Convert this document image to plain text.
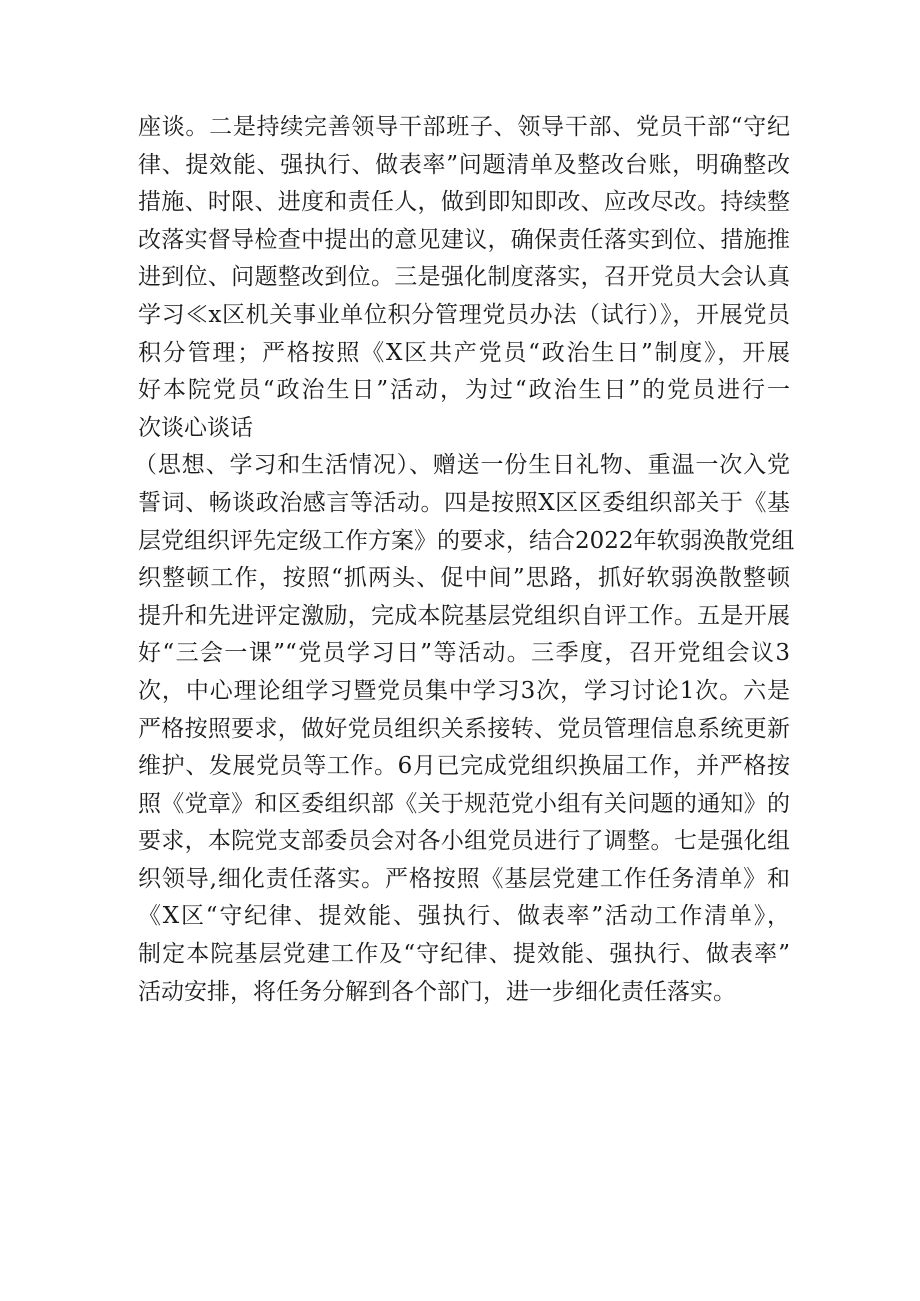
座谈。二是持续完善领导干部班子、领导干部、党员干部“守纪
律、提效能、强执行、做表率”问题清单及整改台账，明确整改
措施、时限、进度和责任人，做到即知即改、应改尽改。持续整
改落实督导检查中提出的意见建议，确保责任落实到位、措施推
进到位、问题整改到位。三是强化制度落实，召开党员大会认真
学习≪x区机关事业单位积分管理党员办法（试行）》，开展党员
积分管理；严格按照《X区共产党员“政治生日”制度》，开展
好本院党员“政治生日”活动，为过“政治生日”的党员进行一
次谈心谈话
（思想、学习和生活情况）、赠送一份生日礼物、重温一次入党
誓词、畅谈政治感言等活动。四是按照X区区委组织部关于《基
层党组织评先定级工作方案》的要求，结合2022年软弱涣散党组
织整顿工作，按照“抓两头、促中间”思路，抓好软弱涣散整顿
提升和先进评定激励，完成本院基层党组织自评工作。五是开展
好“三会一课”“党员学习日”等活动。三季度，召开党组会议3
次，中心理论组学习暨党员集中学习3次，学习讨论1次。六是
严格按照要求，做好党员组织关系接转、党员管理信息系统更新
维护、发展党员等工作。6月已完成党组织换届工作，并严格按
照《党章》和区委组织部《关于规范党小组有关问题的通知》的
要求，本院党支部委员会对各小组党员进行了调整。七是强化组
织领导,细化责任落实。严格按照《基层党建工作任务清单》和
《X区“守纪律、提效能、强执行、做表率”活动工作清单》，
制定本院基层党建工作及“守纪律、提效能、强执行、做表率”
活动安排，将任务分解到各个部门，进一步细化责任落实。
